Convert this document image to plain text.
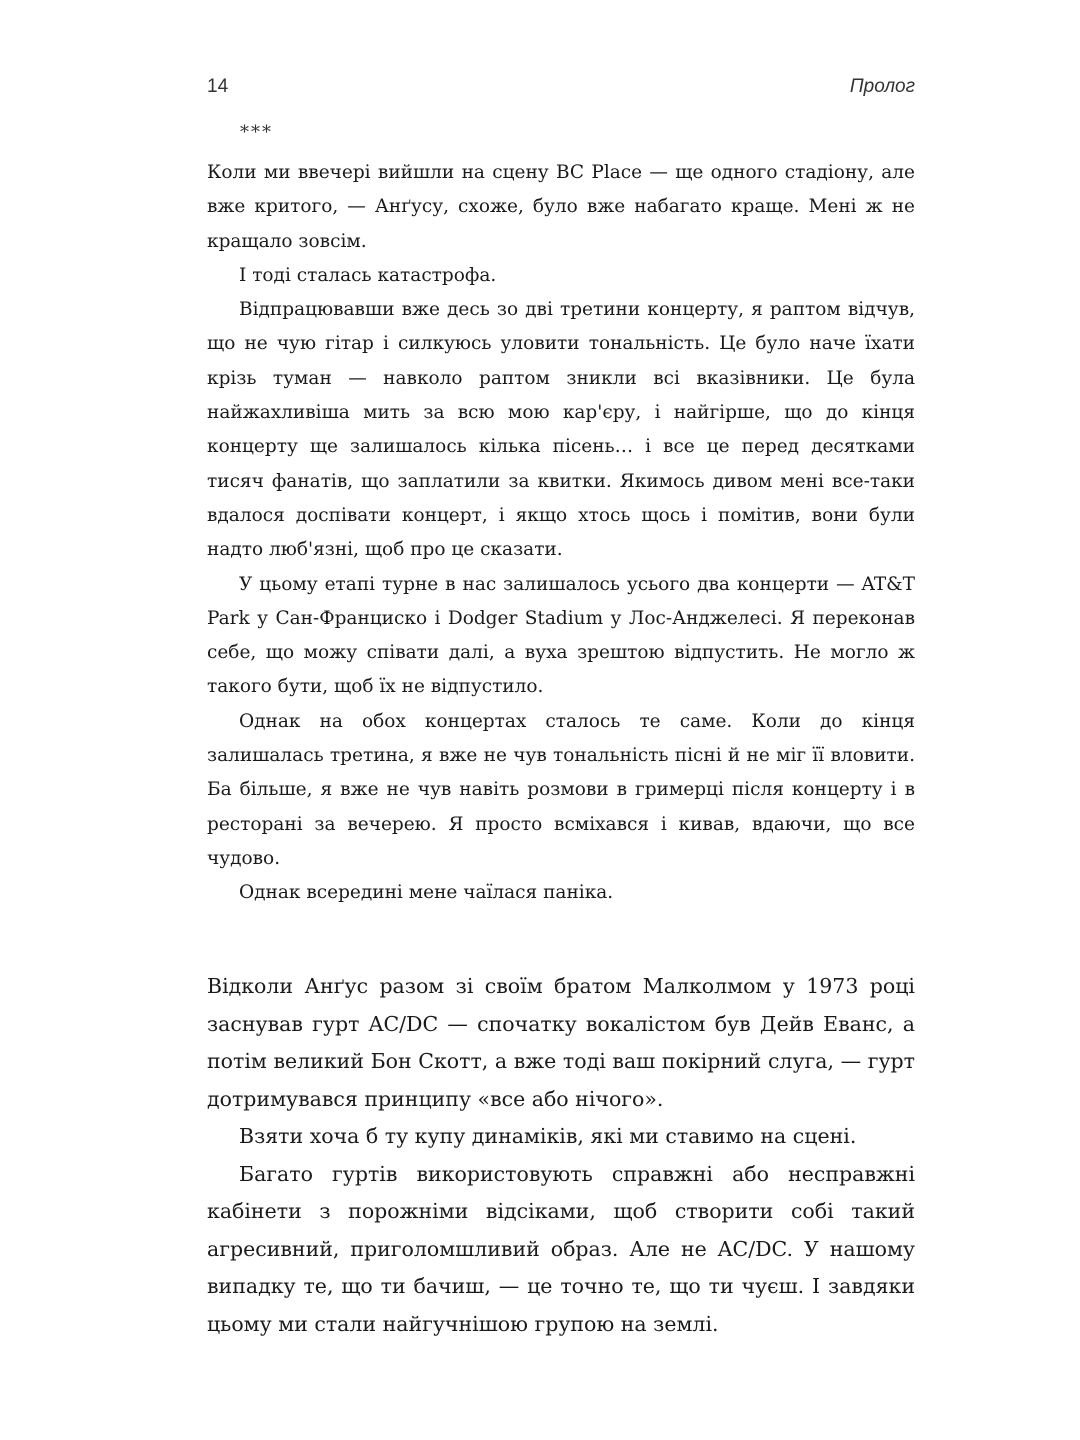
14	Пролог
***

Коли ми ввечері вийшли на сцену BC Place — ще одного стадіону, але вже критого, — Анґусу, схоже, було вже набагато краще. Мені ж не кращало зовсім.

І тоді сталась катастрофа.

Відпрацювавши вже десь зо дві третини концерту, я раптом відчув, що не чую гітар і силкуюсь уловити тональність. Це було наче їхати крізь туман — навколо раптом зникли всі вказівники. Це була найжахливіша мить за всю мою кар'єру, і найгірше, що до кінця концерту ще залишалось кілька пісень… і все це перед десятками тисяч фанатів, що заплатили за квитки. Якимось дивом мені все-таки вдалося доспівати концерт, і якщо хтось щось і помітив, вони були надто люб'язні, щоб про це сказати.

У цьому етапі турне в нас залишалось усього два концерти — AT&T Park у Сан-Франциско і Dodger Stadium у Лос-Анджелесі. Я переконав себе, що можу співати далі, а вуха зрештою відпустить. Не могло ж такого бути, щоб їх не відпустило.

Однак на обох концертах сталось те саме. Коли до кінця залишалась третина, я вже не чув тональність пісні й не міг її вловити. Ба більше, я вже не чув навіть розмови в гримерці після концерту і в ресторані за вечерею. Я просто всміхався і кивав, вдаючи, що все чудово.

Однак всередині мене чаїлася паніка.

Відколи Анґус разом зі своїм братом Малколмом у 1973 році заснував гурт AC/DC — спочатку вокалістом був Дейв Еванс, а потім великий Бон Скотт, а вже тоді ваш покірний слуга, — гурт дотримувався принципу «все або нічого».

Взяти хоча б ту купу динаміків, які ми ставимо на сцені.

Багато гуртів використовують справжні або несправжні кабінети з порожніми відсіками, щоб створити собі такий агресивний, приголомшливий образ. Але не AC/DC. У нашому випадку те, що ти бачиш, — це точно те, що ти чуєш. І завдяки цьому ми стали найгучнішою групою на землі.
